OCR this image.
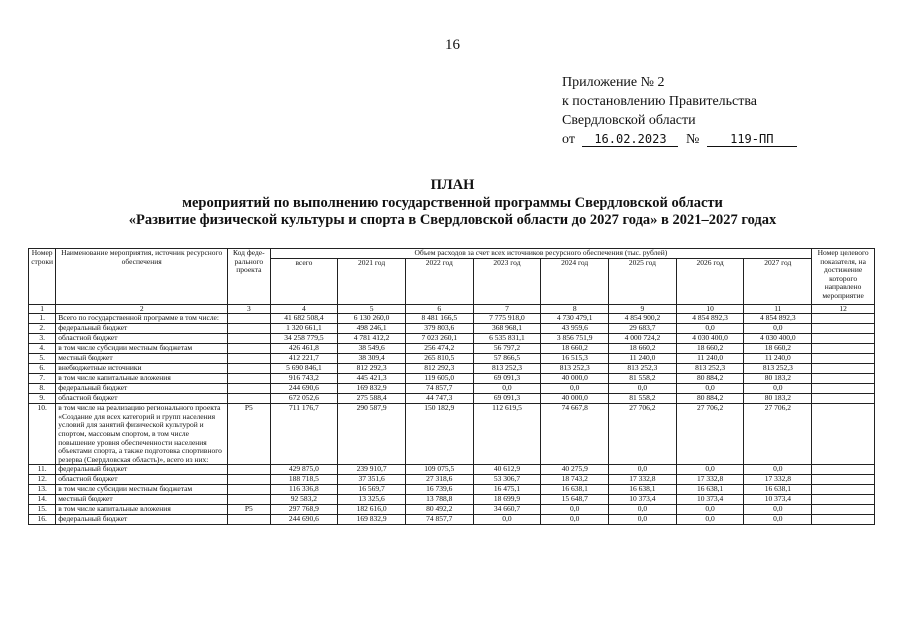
16
Приложение № 2
к постановлению Правительства
Свердловской области
от 16.02.2023 №	119-ПП
ПЛАН
мероприятий по выполнению государственной программы Свердловской области
«Развитие физической культуры и спорта в Свердловской области до 2027 года» в 2021–2027 годах
Номер строки	Наименование мероприятия, источник ресурсного обеспечения	Код феде-рального проекта	Объем расходов за счет всех источников ресурсного обеспечения (тыс. рублей)								Номер целевого показателя, на достижение которого направлено мероприятие
			всего	2021 год	2022 год	2023 год	2024 год	2025 год	2026 год	2027 год	
1	2	3	4	5	6	7	8	9	10	11	12
1.	Всего по государственной программе в том числе:		41 682 508,4	6 130 260,0	8 481 166,5	7 775 918,0	4 730 479,1	4 854 900,2	4 854 892,3	4 854 892,3	
2.	федеральный бюджет		1 320 661,1	498 246,1	379 803,6	368 968,1	43 959,6	29 683,7	0,0	0,0	
3.	областной бюджет		34 258 779,5	4 781 412,2	7 023 260,1	6 535 831,1	3 856 751,9	4 000 724,2	4 030 400,0	4 030 400,0	
4.	в том числе субсидии местным бюджетам		426 461,8	38 549,6	256 474,2	56 797,2	18 660,2	18 660,2	18 660,2	18 660,2	
5.	местный бюджет		412 221,7	38 309,4	265 810,5	57 866,5	16 515,3	11 240,0	11 240,0	11 240,0	
6.	внебюджетные источники		5 690 846,1	812 292,3	812 292,3	813 252,3	813 252,3	813 252,3	813 252,3	813 252,3	
7.	в том числе капитальные вложения		916 743,2	445 421,3	119 605,0	69 091,3	40 000,0	81 558,2	80 884,2	80 183,2	
8.	федеральный бюджет		244 690,6	169 832,9	74 857,7	0,0	0,0	0,0	0,0	0,0	
9.	областной бюджет		672 052,6	275 588,4	44 747,3	69 091,3	40 000,0	81 558,2	80 884,2	80 183,2	
10.	в том числе на реализацию регионального проекта «Создание для всех категорий и групп населения условий для занятий физической культурой и спортом, массовым спортом, в том числе повышение уровня обеспеченности населения объектами спорта, а также подготовка спортивного резерва (Свердловская область)», всего из них:	P5	711 176,7	290 587,9	150 182,9	112 619,5	74 667,8	27 706,2	27 706,2	27 706,2	
11.	федеральный бюджет		429 875,0	239 910,7	109 075,5	40 612,9	40 275,9	0,0	0,0	0,0	
12.	областной бюджет		188 718,5	37 351,6	27 318,6	53 306,7	18 743,2	17 332,8	17 332,8	17 332,8	
13.	в том числе субсидии местным бюджетам		116 336,8	16 569,7	16 739,6	16 475,1	16 638,1	16 638,1	16 638,1	16 638,1	
14.	местный бюджет		92 583,2	13 325,6	13 788,8	18 699,9	15 648,7	10 373,4	10 373,4	10 373,4	
15.	в том числе капитальные вложения	P5	297 768,9	182 616,0	80 492,2	34 660,7	0,0	0,0	0,0	0,0	
16.	федеральный бюджет		244 690,6	169 832,9	74 857,7	0,0	0,0	0,0	0,0	0,0	
